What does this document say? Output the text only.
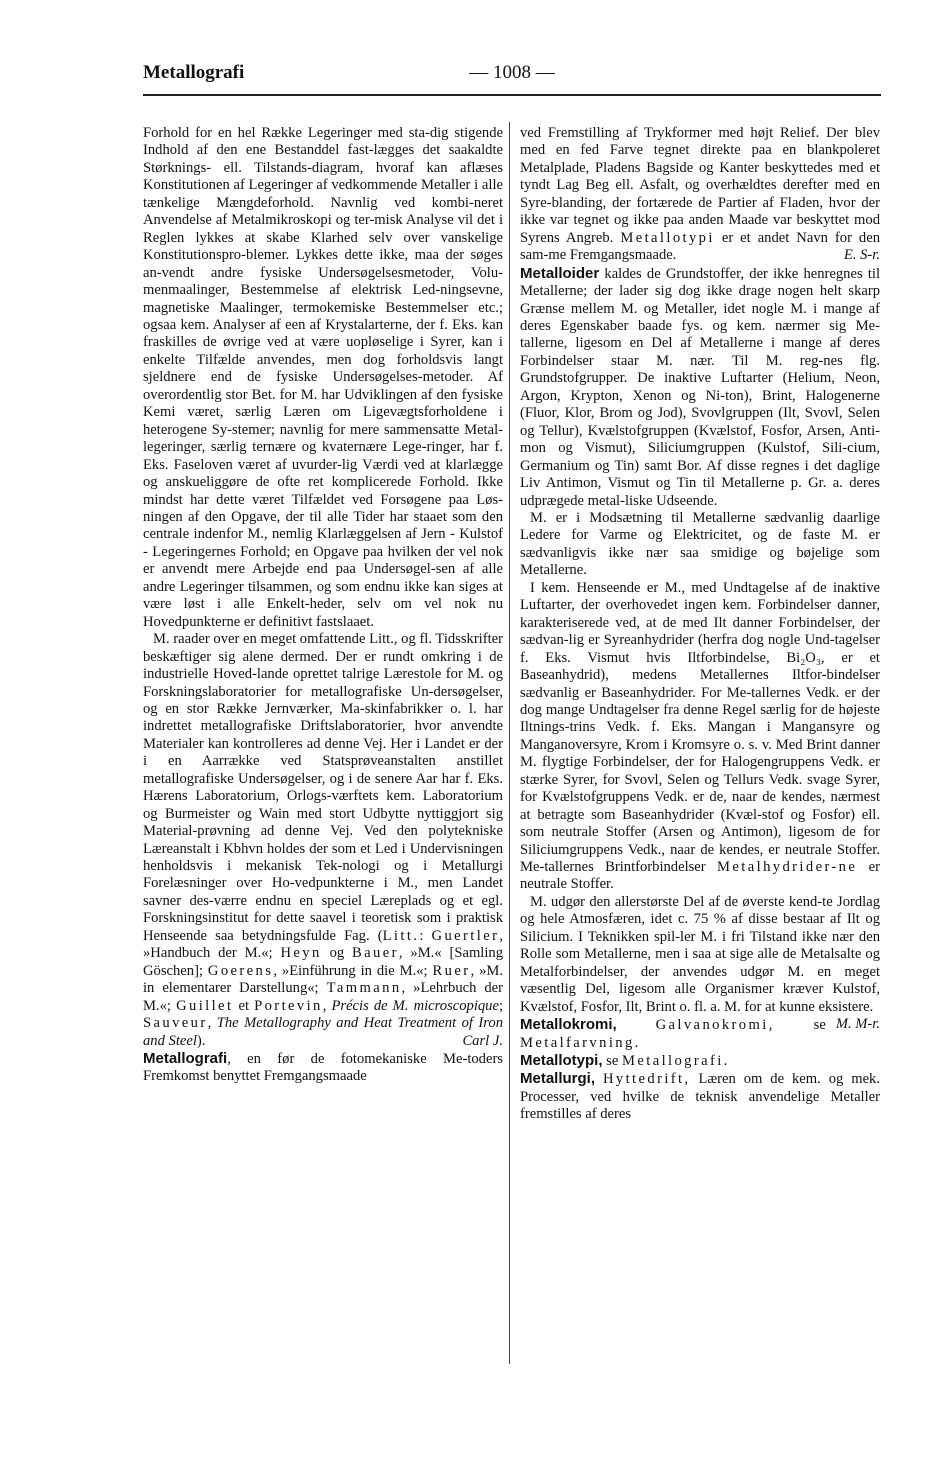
— 1008 —
Metallografi

Forhold for en hel Række Legeringer med sta-dig stigende Indhold af den ene Bestanddel fast-lægges det saakaldte Størknings- ell. Tilstands-diagram, hvoraf kan aflæses Konstitutionen af Legeringer af vedkommende Metaller i alle tænkelige Mængdeforhold. Navnlig ved kombi-neret Anvendelse af Metalmikroskopi og ter-misk Analyse vil det i Reglen lykkes at skabe Klarhed selv over vanskelige Konstitutionspro-blemer. Lykkes dette ikke, maa der søges an-vendt andre fysiske Undersøgelsesmetoder, Volu-menmaalinger, Bestemmelse af elektrisk Led-ningsevne, magnetiske Maalinger, termokemiske Bestemmelser etc.; ogsaa kem. Analyser af een af Krystalarterne, der f. Eks. kan fraskilles de øvrige ved at være uopløselige i Syrer, kan i enkelte Tilfælde anvendes, men dog forholdsvis langt sjeldnere end de fysiske Undersøgelses-metoder. Af overordentlig stor Bet. for M. har Udviklingen af den fysiske Kemi været, særlig Læren om Ligevægtsforholdene i heterogene Sy-stemer; navnlig for mere sammensatte Metal-legeringer, særlig ternære og kvaternære Lege-ringer, har f. Eks. Faseloven været af uvurder-lig Værdi ved at klarlægge og anskueliggøre de ofte ret komplicerede Forhold. Ikke mindst har dette været Tilfældet ved Forsøgene paa Løs-ningen af den Opgave, der til alle Tider har staaet som den centrale indenfor M., nemlig Klarlæggelsen af Jern - Kulstof - Legeringernes Forhold; en Opgave paa hvilken der vel nok er anvendt mere Arbejde end paa Undersøgel-sen af alle andre Legeringer tilsammen, og som endnu ikke kan siges at være løst i alle Enkelt-heder, selv om vel nok nu Hovedpunkterne er definitivt fastslaaet.

M. raader over en meget omfattende Litt., og fl. Tidsskrifter beskæftiger sig alene dermed. Der er rundt omkring i de industrielle Hoved-lande oprettet talrige Lærestole for M. og Forskningslaboratorier for metallografiske Un-dersøgelser, og en stor Række Jernværker, Ma-skinfabrikker o. l. har indrettet metallografiske Driftslaboratorier, hvor anvendte Materialer kan kontrolleres ad denne Vej. Her i Landet er der i en Aarrække ved Statsprøveanstalten anstillet metallografiske Undersøgelser, og i de senere Aar har f. Eks. Hærens Laboratorium, Orlogs-værftets kem. Laboratorium og Burmeister og Wain med stort Udbytte nyttiggjort sig Material-prøvning ad denne Vej. Ved den polytekniske Læreanstalt i Kbhvn holdes der som et Led i Undervisningen henholdsvis i mekanisk Tek-nologi og i Metallurgi Forelæsninger over Ho-vedpunkterne i M., men Landet savner des-værre endnu en speciel Læreplads og et egl. Forskningsinstitut for dette saavel i teoretisk som i praktisk Henseende saa betydningsfulde Fag. (Litt.: Guertler, »Handbuch der M.«; Heyn og Bauer, »M.« [Samling Göschen]; Goerens, »Einführung in die M.«; Ruer, »M. in elementarer Darstellung«; Tammann, »Lehrbuch der M.«; Guillet et Portevin, Précis de M. microscopique; Sauveur, The Metallography and Heat Treatment of Iron and Steel).	Carl J.

Metallografi, en før de fotomekaniske Me-toders Fremkomst benyttet Fremgangsmaade

ved Fremstilling af Trykformer med højt Relief. Der blev med en fed Farve tegnet direkte paa en blankpoleret Metalplade, Pladens Bagside og Kanter beskyttedes med et tyndt Lag Beg ell. Asfalt, og overhældtes derefter med en Syre-blanding, der fortærede de Partier af Fladen, hvor der ikke var tegnet og ikke paa anden Maade var beskyttet mod Syrens Angreb. Metallotypi er et andet Navn for den sam-me Fremgangsmaade.	E. S-r.

Metalloider kaldes de Grundstoffer, der ikke henregnes til Metallerne; der lader sig dog ikke drage nogen helt skarp Grænse mellem M. og Metaller, idet nogle M. i mange af deres Egenskaber baade fys. og kem. nærmer sig Me-tallerne, ligesom en Del af Metallerne i mange af deres Forbindelser staar M. nær. Til M. reg-nes flg. Grundstofgrupper. De inaktive Luftarter (Helium, Neon, Argon, Krypton, Xenon og Ni-ton), Brint, Halogenerne (Fluor, Klor, Brom og Jod), Svovlgruppen (Ilt, Svovl, Selen og Tellur), Kvælstofgruppen (Kvælstof, Fosfor, Arsen, Anti-mon og Vismut), Siliciumgruppen (Kulstof, Sili-cium, Germanium og Tin) samt Bor. Af disse regnes i det daglige Liv Antimon, Vismut og Tin til Metallerne p. Gr. a. deres udprægede metal-liske Udseende.

M. er i Modsætning til Metallerne sædvanlig daarlige Ledere for Varme og Elektricitet, og de faste M. er sædvanligvis ikke nær saa smidige og bøjelige som Metallerne.

I kem. Henseende er M., med Undtagelse af de inaktive Luftarter, der overhovedet ingen kem. Forbindelser danner, karakteriserede ved, at de med Ilt danner Forbindelser, der sædvan-lig er Syreanhydrider (herfra dog nogle Und-tagelser f. Eks. Vismut hvis Iltforbindelse, Bi₂O₃, er et Baseanhydrid), medens Metallernes Iltfor-bindelser sædvanlig er Baseanhydrider. For Me-tallernes Vedk. er der dog mange Undtagelser fra denne Regel særlig for de højeste Iltnings-trins Vedk. f. Eks. Mangan i Mangansyre og Manganoversyre, Krom i Kromsyre o. s. v. Med Brint danner M. flygtige Forbindelser, der for Halogengruppens Vedk. er stærke Syrer, for Svovl, Selen og Tellurs Vedk. svage Syrer, for Kvælstofgruppens Vedk. er de, naar de kendes, nærmest at betragte som Baseanhydrider (Kvæl-stof og Fosfor) ell. som neutrale Stoffer (Arsen og Antimon), ligesom de for Siliciumgruppens Vedk., naar de kendes, er neutrale Stoffer. Me-tallernes Brintforbindelser Metalhydrider-ne er neutrale Stoffer.

M. udgør den allerstørste Del af de øverste kend-te Jordlag og hele Atmosfæren, idet c. 75 % af disse bestaar af Ilt og Silicium. I Teknikken spil-ler M. i fri Tilstand ikke nær den Rolle som Metallerne, men i saa at sige alle de Metalsalte og Metalforbindelser, der anvendes udgør M. en meget væsentlig Del, ligesom alle Organismer kræver Kulstof, Kvælstof, Fosfor, Ilt, Brint o. fl. a. M. for at kunne eksistere.
M. M-r.

Metallokromi,	Galvanokromi, se Metalfarvning.

Metallotypi, se Metallografi.

Metallurgi, Hyttedrift, Læren om de kem. og mek. Processer, ved hvilke de teknisk anvendelige Metaller fremstilles af deres
